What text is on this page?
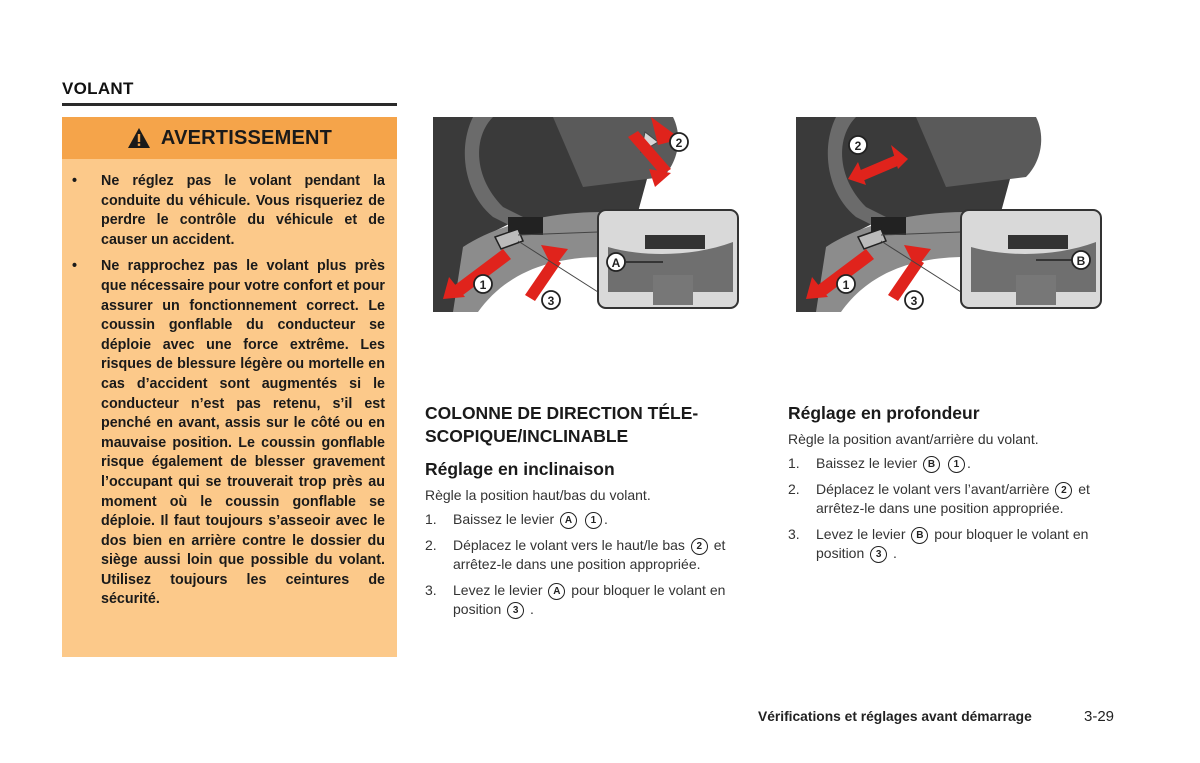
VOLANT
AVERTISSEMENT
• Ne réglez pas le volant pendant la conduite du véhicule. Vous risqueriez de perdre le contrôle du véhicule et de causer un accident.
• Ne rapprochez pas le volant plus près que nécessaire pour votre confort et pour assurer un fonctionnement correct. Le coussin gonflable du conducteur se déploie avec une force extrême. Les risques de blessure légère ou mortelle en cas d’accident sont augmentés si le conducteur n’est pas retenu, s’il est penché en avant, assis sur le côté ou en mauvaise position. Le coussin gonflable risque également de blesser gravement l’occupant qui se trouverait trop près au moment où le coussin gonflable se déploie. Il faut toujours s’asseoir avec le dos bien en arrière contre le dossier du siège aussi loin que possible du volant. Utilisez toujours les ceintures de sécurité.
2
1
3
A
2
1
3
B
COLONNE DE DIRECTION TÉLE-
SCOPIQUE/INCLINABLE
Réglage en inclinaison

Règle la position haut/bas du volant.

1. Baissez le levier A 1 .
2. Déplacez le volant vers le haut/le bas 2 et arrêtez-le dans une position appropriée.
3. Levez le levier A pour bloquer le volant en position 3 .
Réglage en profondeur

Règle la position avant/arrière du volant.

1. Baissez le levier B 1 .
2. Déplacez le volant vers l’avant/arrière 2 et arrêtez-le dans une position appropriée.
3. Levez le levier B pour bloquer le volant en position 3 .
Vérifications et réglages avant démarrage	3-29
